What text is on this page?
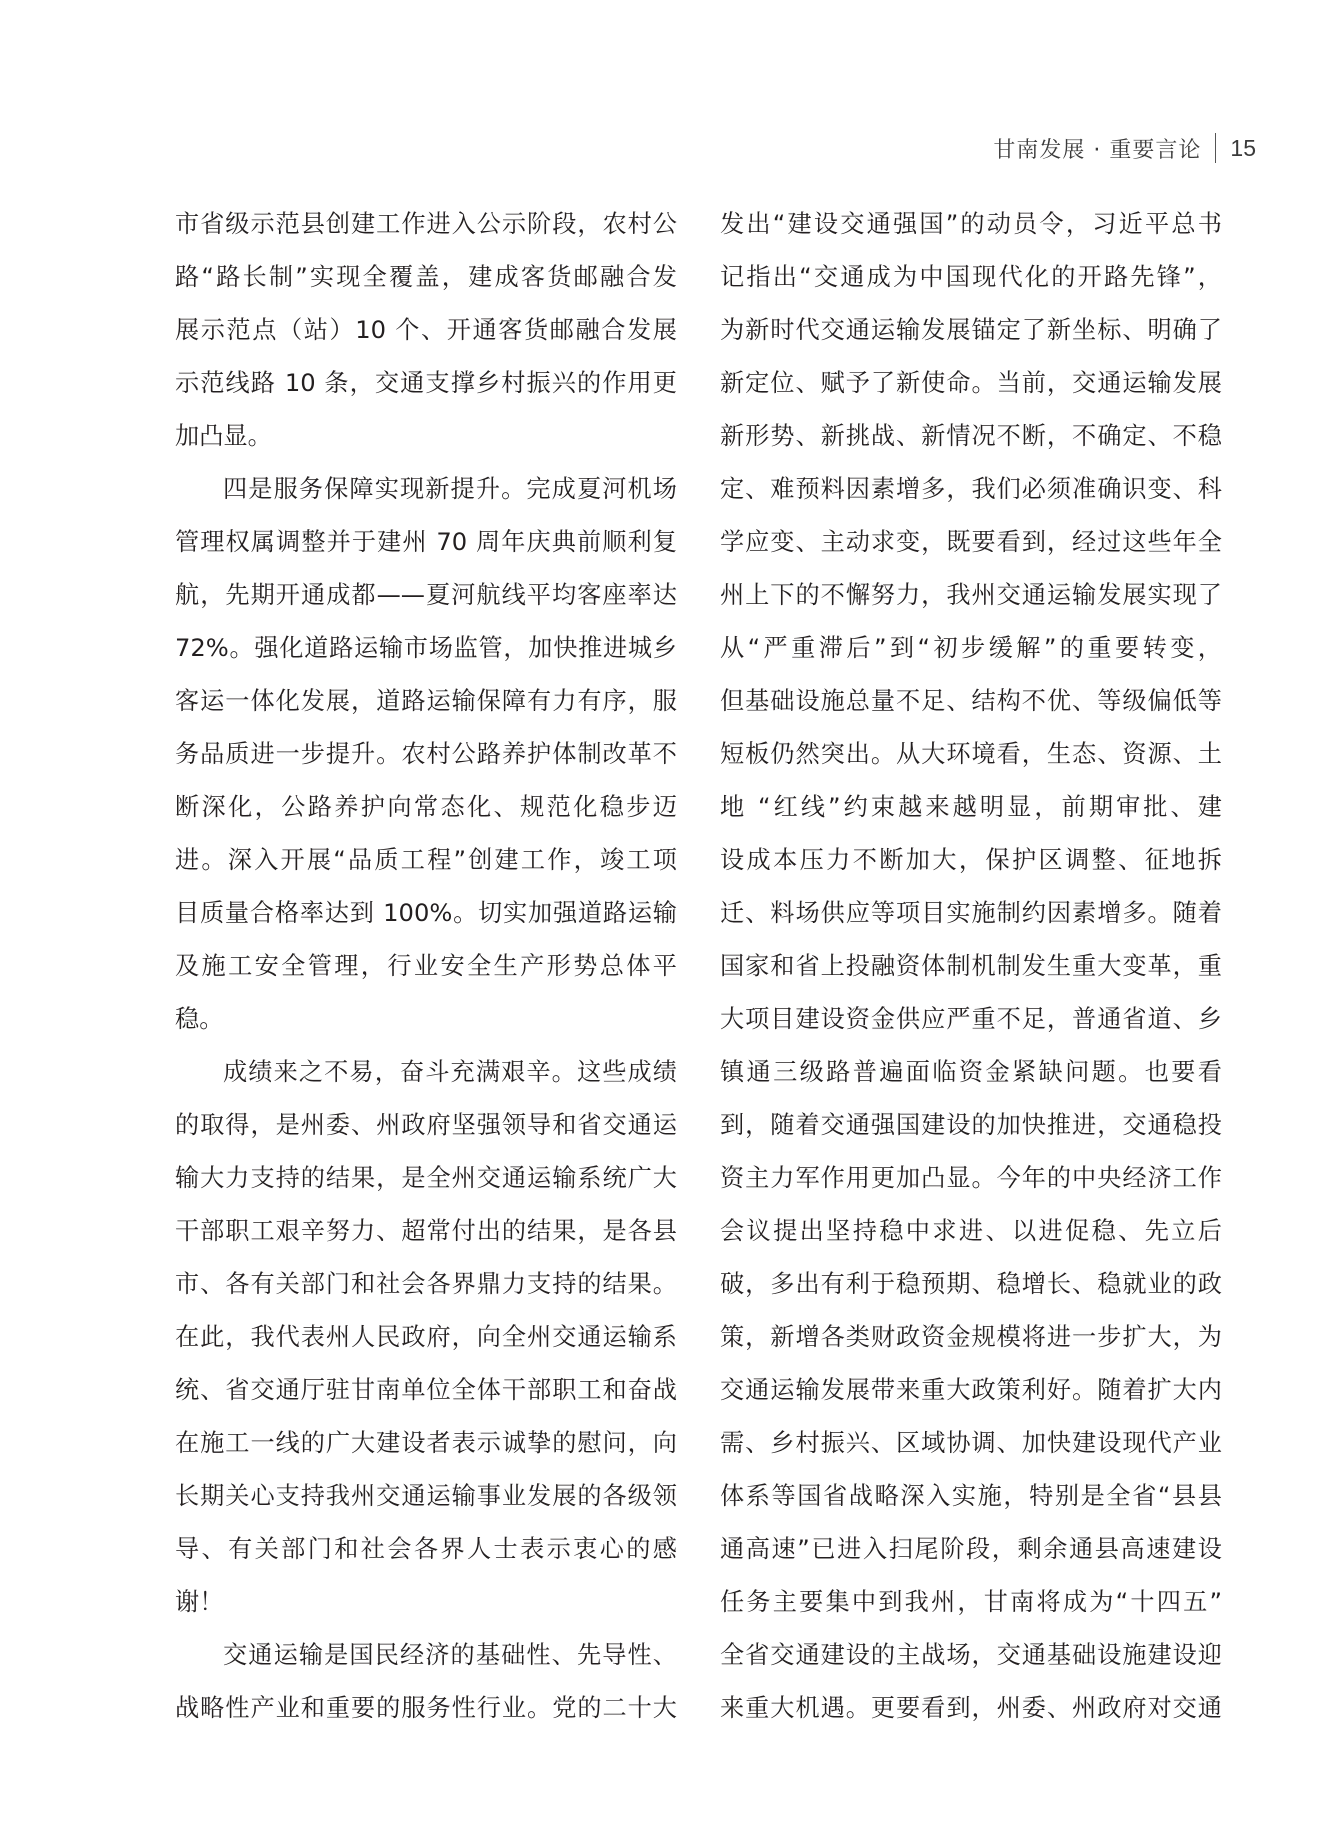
甘南发展 · 重要言论 15
市省级示范县创建工作进入公示阶段，农村公
路“路长制”实现全覆盖，建成客货邮融合发
展示范点（站）10 个、开通客货邮融合发展
示范线路 10 条，交通支撑乡村振兴的作用更
加凸显。
四是服务保障实现新提升。完成夏河机场
管理权属调整并于建州 70 周年庆典前顺利复
航，先期开通成都——夏河航线平均客座率达
72%。强化道路运输市场监管，加快推进城乡
客运一体化发展，道路运输保障有力有序，服
务品质进一步提升。农村公路养护体制改革不
断深化，公路养护向常态化、规范化稳步迈
进。深入开展“品质工程”创建工作，竣工项
目质量合格率达到 100%。切实加强道路运输
及施工安全管理，行业安全生产形势总体平
稳。
成绩来之不易，奋斗充满艰辛。这些成绩
的取得，是州委、州政府坚强领导和省交通运
输大力支持的结果，是全州交通运输系统广大
干部职工艰辛努力、超常付出的结果，是各县
市、各有关部门和社会各界鼎力支持的结果。
在此，我代表州人民政府，向全州交通运输系
统、省交通厅驻甘南单位全体干部职工和奋战
在施工一线的广大建设者表示诚挚的慰问，向
长期关心支持我州交通运输事业发展的各级领
导、有关部门和社会各界人士表示衷心的感
谢！
交通运输是国民经济的基础性、先导性、
战略性产业和重要的服务性行业。党的二十大
发出“建设交通强国”的动员令，习近平总书
记指出“交通成为中国现代化的开路先锋”，
为新时代交通运输发展锚定了新坐标、明确了
新定位、赋予了新使命。当前，交通运输发展
新形势、新挑战、新情况不断，不确定、不稳
定、难预料因素增多，我们必须准确识变、科
学应变、主动求变，既要看到，经过这些年全
州上下的不懈努力，我州交通运输发展实现了
从“严重滞后”到“初步缓解”的重要转变，
但基础设施总量不足、结构不优、等级偏低等
短板仍然突出。从大环境看，生态、资源、土
地 “红线”约束越来越明显，前期审批、建
设成本压力不断加大，保护区调整、征地拆
迁、料场供应等项目实施制约因素增多。随着
国家和省上投融资体制机制发生重大变革，重
大项目建设资金供应严重不足，普通省道、乡
镇通三级路普遍面临资金紧缺问题。也要看
到，随着交通强国建设的加快推进，交通稳投
资主力军作用更加凸显。今年的中央经济工作
会议提出坚持稳中求进、以进促稳、先立后
破，多出有利于稳预期、稳增长、稳就业的政
策，新增各类财政资金规模将进一步扩大，为
交通运输发展带来重大政策利好。随着扩大内
需、乡村振兴、区域协调、加快建设现代产业
体系等国省战略深入实施，特别是全省“县县
通高速”已进入扫尾阶段，剩余通县高速建设
任务主要集中到我州，甘南将成为“十四五”
全省交通建设的主战场，交通基础设施建设迎
来重大机遇。更要看到，州委、州政府对交通
